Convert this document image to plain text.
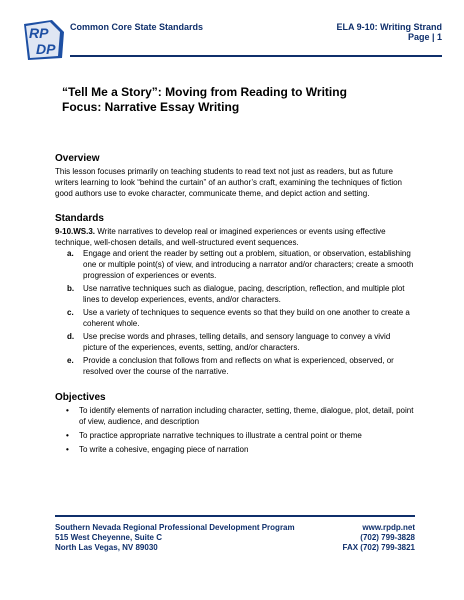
RP
DP
Common Core State Standards	ELA 9-10: Writing Strand
Page | 1
“Tell Me a Story”: Moving from Reading to Writing
Focus: Narrative Essay Writing
Overview

This lesson focuses primarily on teaching students to read text not just as readers, but as future writers learning to look “behind the curtain” of an author’s craft, examining the techniques of fiction good authors use to evoke character, communicate theme, and depict action and setting.

Standards

9-10.WS.3. Write narratives to develop real or imagined experiences or events using effective technique, well-chosen details, and well-structured event sequences.

a. Engage and orient the reader by setting out a problem, situation, or observation, establishing one or multiple point(s) of view, and introducing a narrator and/or characters; create a smooth progression of experiences or events.
b. Use narrative techniques such as dialogue, pacing, description, reflection, and multiple plot lines to develop experiences, events, and/or characters.
c. Use a variety of techniques to sequence events so that they build on one another to create a coherent whole.
d. Use precise words and phrases, telling details, and sensory language to convey a vivid picture of the experiences, events, setting, and/or characters.
e. Provide a conclusion that follows from and reflects on what is experienced, observed, or resolved over the course of the narrative.
Objectives
• To identify elements of narration including character, setting, theme, dialogue, plot, detail, point of view, audience, and description
• To practice appropriate narrative techniques to illustrate a central point or theme
• To write a cohesive, engaging piece of narration
Southern Nevada Regional Professional Development Program
515 West Cheyenne, Suite C
North Las Vegas, NV 89030
www.rpdp.net
(702) 799-3828
FAX (702) 799-3821
